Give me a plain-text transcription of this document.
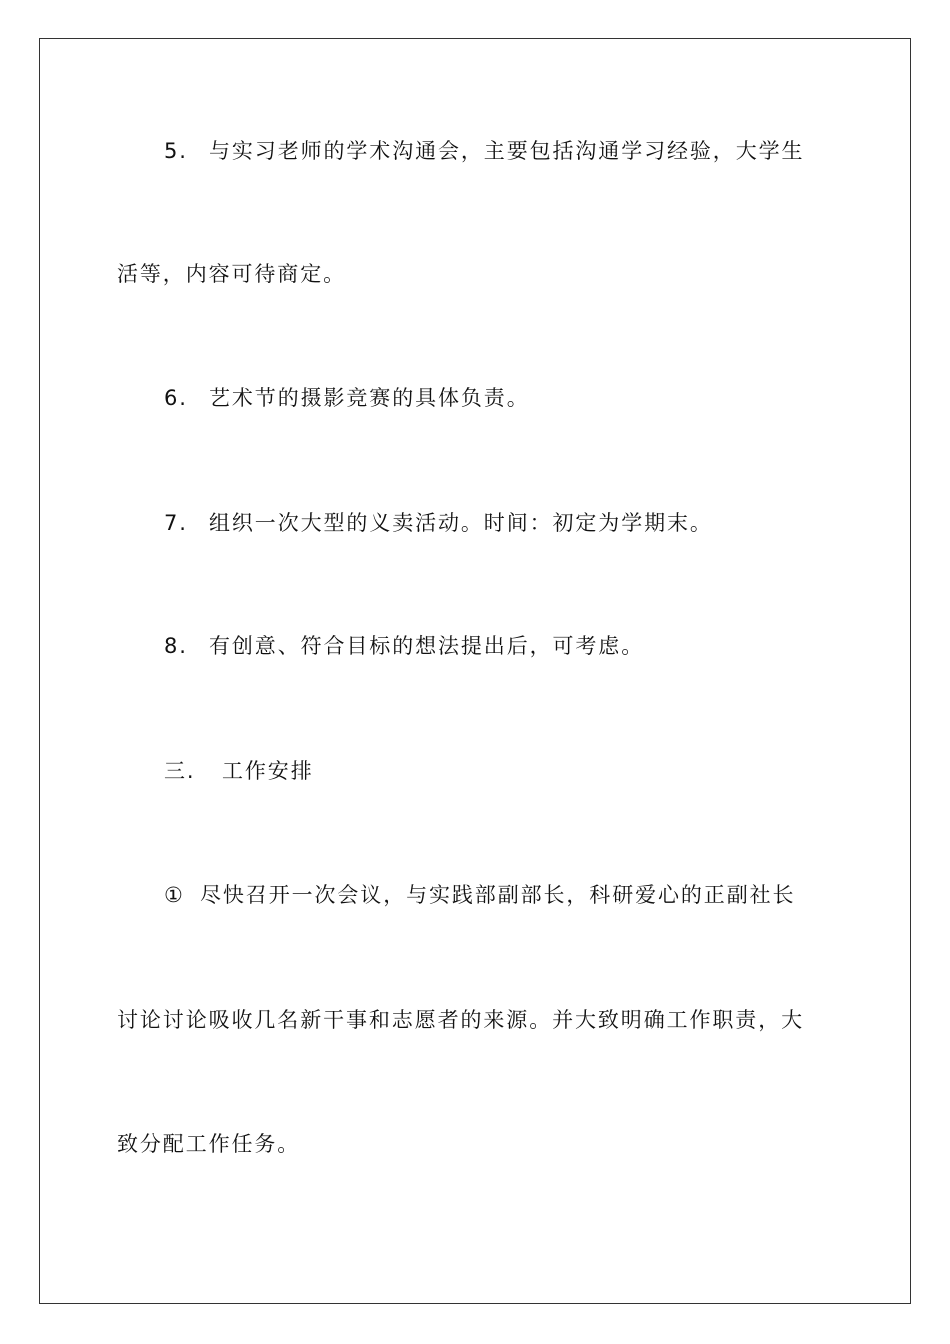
5. 与实习老师的学术沟通会，主要包括沟通学习经验，大学生
活等，内容可待商定。
6. 艺术节的摄影竞赛的具体负责。
7. 组织一次大型的义卖活动。时间：初定为学期末。
8. 有创意、符合目标的想法提出后，可考虑。
三. 工作安排
① 尽快召开一次会议，与实践部副部长，科研爱心的正副社长
讨论讨论吸收几名新干事和志愿者的来源。并大致明确工作职责，大
致分配工作任务。
